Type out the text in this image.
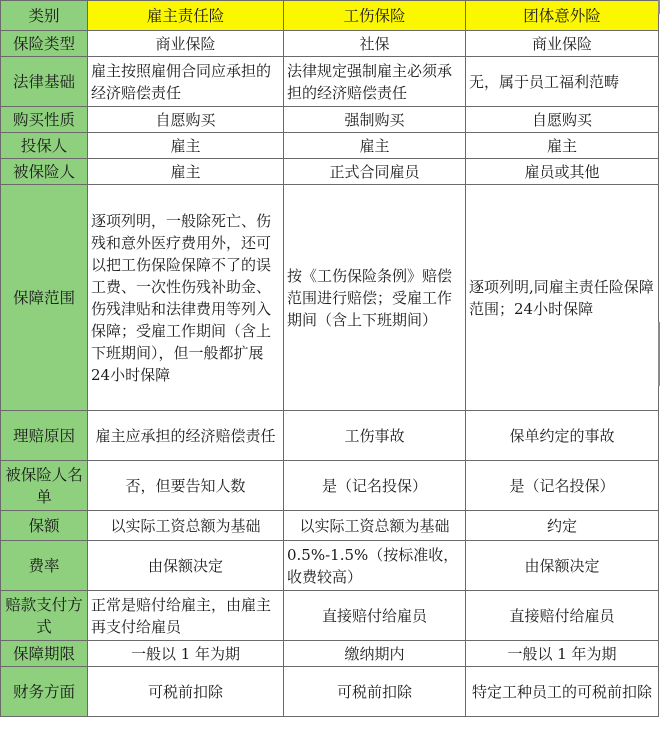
类别	雇主责任险	工伤保险	团体意外险
保险类型	商业保险	社保	商业保险
法律基础	雇主按照雇佣合同应承担的经济赔偿责任	法律规定强制雇主必须承担的经济赔偿责任	无，属于员工福利范畴
购买性质	自愿购买	强制购买	自愿购买
投保人	雇主	雇主	雇主
被保险人	雇主	正式合同雇员	雇员或其他
保障范围	逐项列明，一般除死亡、伤残和意外医疗费用外，还可以把工伤保险保障不了的误工费、一次性伤残补助金、伤残津贴和法律费用等列入保障；受雇工作期间（含上下班期间），但一般都扩展24小时保障	按《工伤保险条例》赔偿范围进行赔偿；受雇工作期间（含上下班期间）	逐项列明,同雇主责任险保障范围；24小时保障
理赔原因	雇主应承担的经济赔偿责任	工伤事故	保单约定的事故
被保险人名单	否，但要告知人数	是（记名投保）	是（记名投保）
保额	以实际工资总额为基础	以实际工资总额为基础	约定
费率	由保额决定	0.5%-1.5%（按标准收，收费较高）	由保额决定
赔款支付方式	正常是赔付给雇主，由雇主再支付给雇员	直接赔付给雇员	直接赔付给雇员
保障期限	一般以 1 年为期	缴纳期内	一般以 1 年为期
财务方面	可税前扣除	可税前扣除	特定工种员工的可税前扣除
